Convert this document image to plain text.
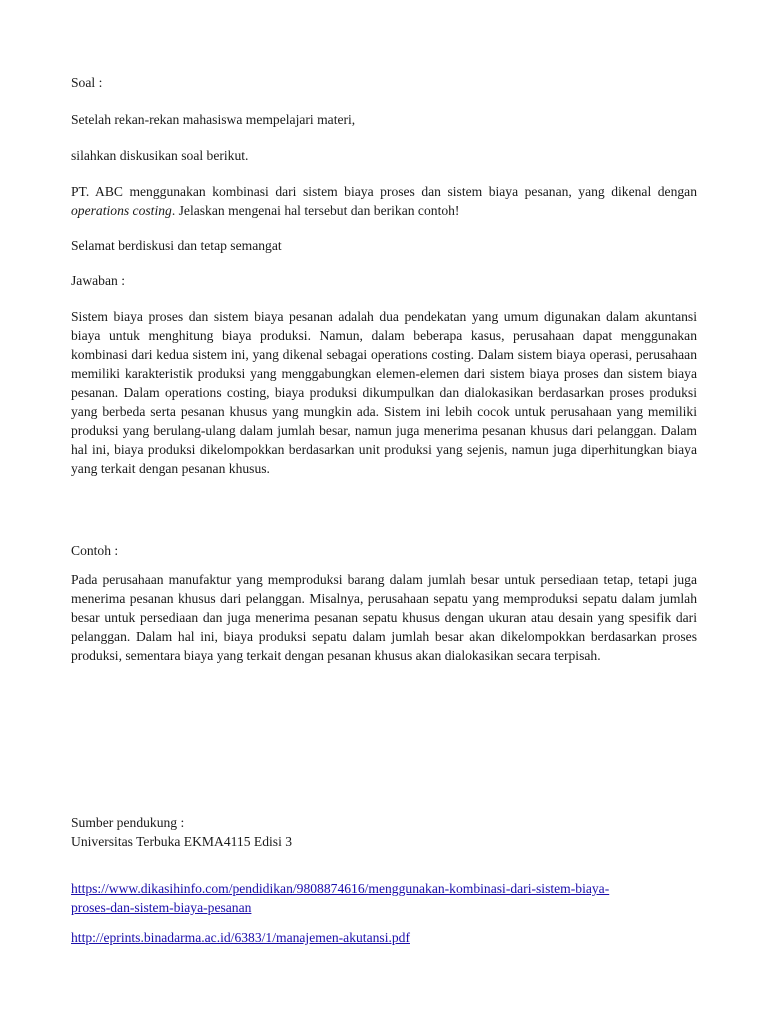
Soal :

Setelah rekan-rekan mahasiswa mempelajari materi,

silahkan diskusikan soal berikut.

PT. ABC menggunakan kombinasi dari sistem biaya proses dan sistem biaya pesanan, yang dikenal dengan operations costing. Jelaskan mengenai hal tersebut dan berikan contoh!

Selamat berdiskusi dan tetap semangat

Jawaban :

Sistem biaya proses dan sistem biaya pesanan adalah dua pendekatan yang umum digunakan dalam akuntansi biaya untuk menghitung biaya produksi. Namun, dalam beberapa kasus, perusahaan dapat menggunakan kombinasi dari kedua sistem ini, yang dikenal sebagai operations costing. Dalam sistem biaya operasi, perusahaan memiliki karakteristik produksi yang menggabungkan elemen-elemen dari sistem biaya proses dan sistem biaya pesanan. Dalam operations costing, biaya produksi dikumpulkan dan dialokasikan berdasarkan proses produksi yang berbeda serta pesanan khusus yang mungkin ada. Sistem ini lebih cocok untuk perusahaan yang memiliki produksi yang berulang-ulang dalam jumlah besar, namun juga menerima pesanan khusus dari pelanggan. Dalam hal ini, biaya produksi dikelompokkan berdasarkan unit produksi yang sejenis, namun juga diperhitungkan biaya yang terkait dengan pesanan khusus.

Contoh :

Pada perusahaan manufaktur yang memproduksi barang dalam jumlah besar untuk persediaan tetap, tetapi juga menerima pesanan khusus dari pelanggan. Misalnya, perusahaan sepatu yang memproduksi sepatu dalam jumlah besar untuk persediaan dan juga menerima pesanan sepatu khusus dengan ukuran atau desain yang spesifik dari pelanggan. Dalam hal ini, biaya produksi sepatu dalam jumlah besar akan dikelompokkan berdasarkan proses produksi, sementara biaya yang terkait dengan pesanan khusus akan dialokasikan secara terpisah.

Sumber pendukung :

Universitas Terbuka EKMA4115 Edisi 3

https://www.dikasihinfo.com/pendidikan/9808874616/menggunakan-kombinasi-dari-sistem-biaya-
proses-dan-sistem-biaya-pesanan

http://eprints.binadarma.ac.id/6383/1/manajemen-akutansi.pdf
